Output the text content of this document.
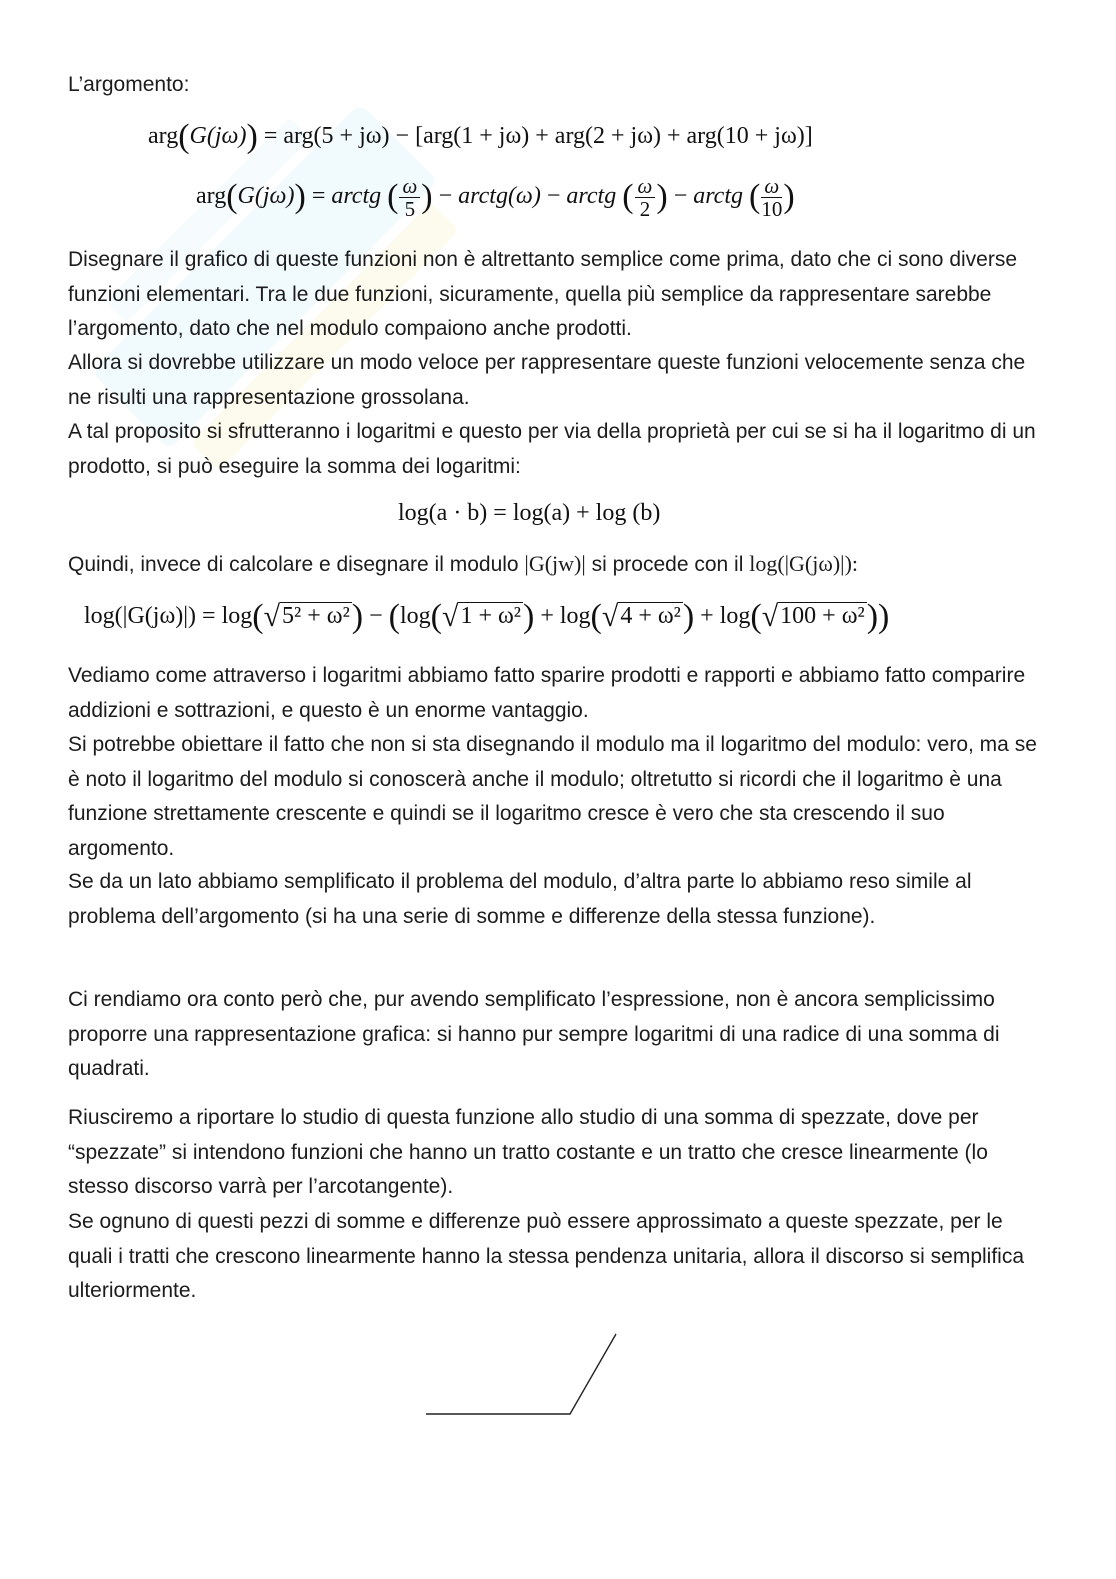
L’argomento:

arg(G(jω)) = arg(5 + jω) − [arg(1 + jω) + arg(2 + jω) + arg(10 + jω)]
arg(G(jω)) = arctg ( $\frac{\omega}{5}$ ) − arctg(ω) − arctg ( $\frac{\omega}{2}$ ) − arctg ( $\frac{\omega}{10}$ )

Disegnare il grafico di queste funzioni non è altrettanto semplice come prima, dato che ci sono diverse funzioni elementari. Tra le due funzioni, sicuramente, quella più semplice da rappresentare sarebbe l’argomento, dato che nel modulo compaiono anche prodotti.

Allora si dovrebbe utilizzare un modo veloce per rappresentare queste funzioni velocemente senza che ne risulti una rappresentazione grossolana.

A tal proposito si sfrutteranno i logaritmi e questo per via della proprietà per cui se si ha il logaritmo di un prodotto, si può eseguire la somma dei logaritmi:

log(a · b) = log(a) + log (b)

Quindi, invece di calcolare e disegnare il modulo |G(jw)| si procede con il log(|G(jω)|):

log(|G(jω)|) = log(√5² + ω²) − (log(√1 + ω²) + log(√4 + ω²) + log(√100 + ω²))

Vediamo come attraverso i logaritmi abbiamo fatto sparire prodotti e rapporti e abbiamo fatto comparire addizioni e sottrazioni, e questo è un enorme vantaggio.

Si potrebbe obiettare il fatto che non si sta disegnando il modulo ma il logaritmo del modulo: vero, ma se è noto il logaritmo del modulo si conoscerà anche il modulo; oltretutto si ricordi che il logaritmo è una funzione strettamente crescente e quindi se il logaritmo cresce è vero che sta crescendo il suo argomento.

Se da un lato abbiamo semplificato il problema del modulo, d’altra parte lo abbiamo reso simile al problema dell’argomento (si ha una serie di somme e differenze della stessa funzione).

Ci rendiamo ora conto però che, pur avendo semplificato l’espressione, non è ancora semplicissimo proporre una rappresentazione grafica: si hanno pur sempre logaritmi di una radice di una somma di quadrati.

Riusciremo a riportare lo studio di questa funzione allo studio di una somma di spezzate, dove per “spezzate” si intendono funzioni che hanno un tratto costante e un tratto che cresce linearmente (lo stesso discorso varrà per l’arcotangente).

Se ognuno di questi pezzi di somme e differenze può essere approssimato a queste spezzate, per le quali i tratti che crescono linearmente hanno la stessa pendenza unitaria, allora il discorso si semplifica ulteriormente.
